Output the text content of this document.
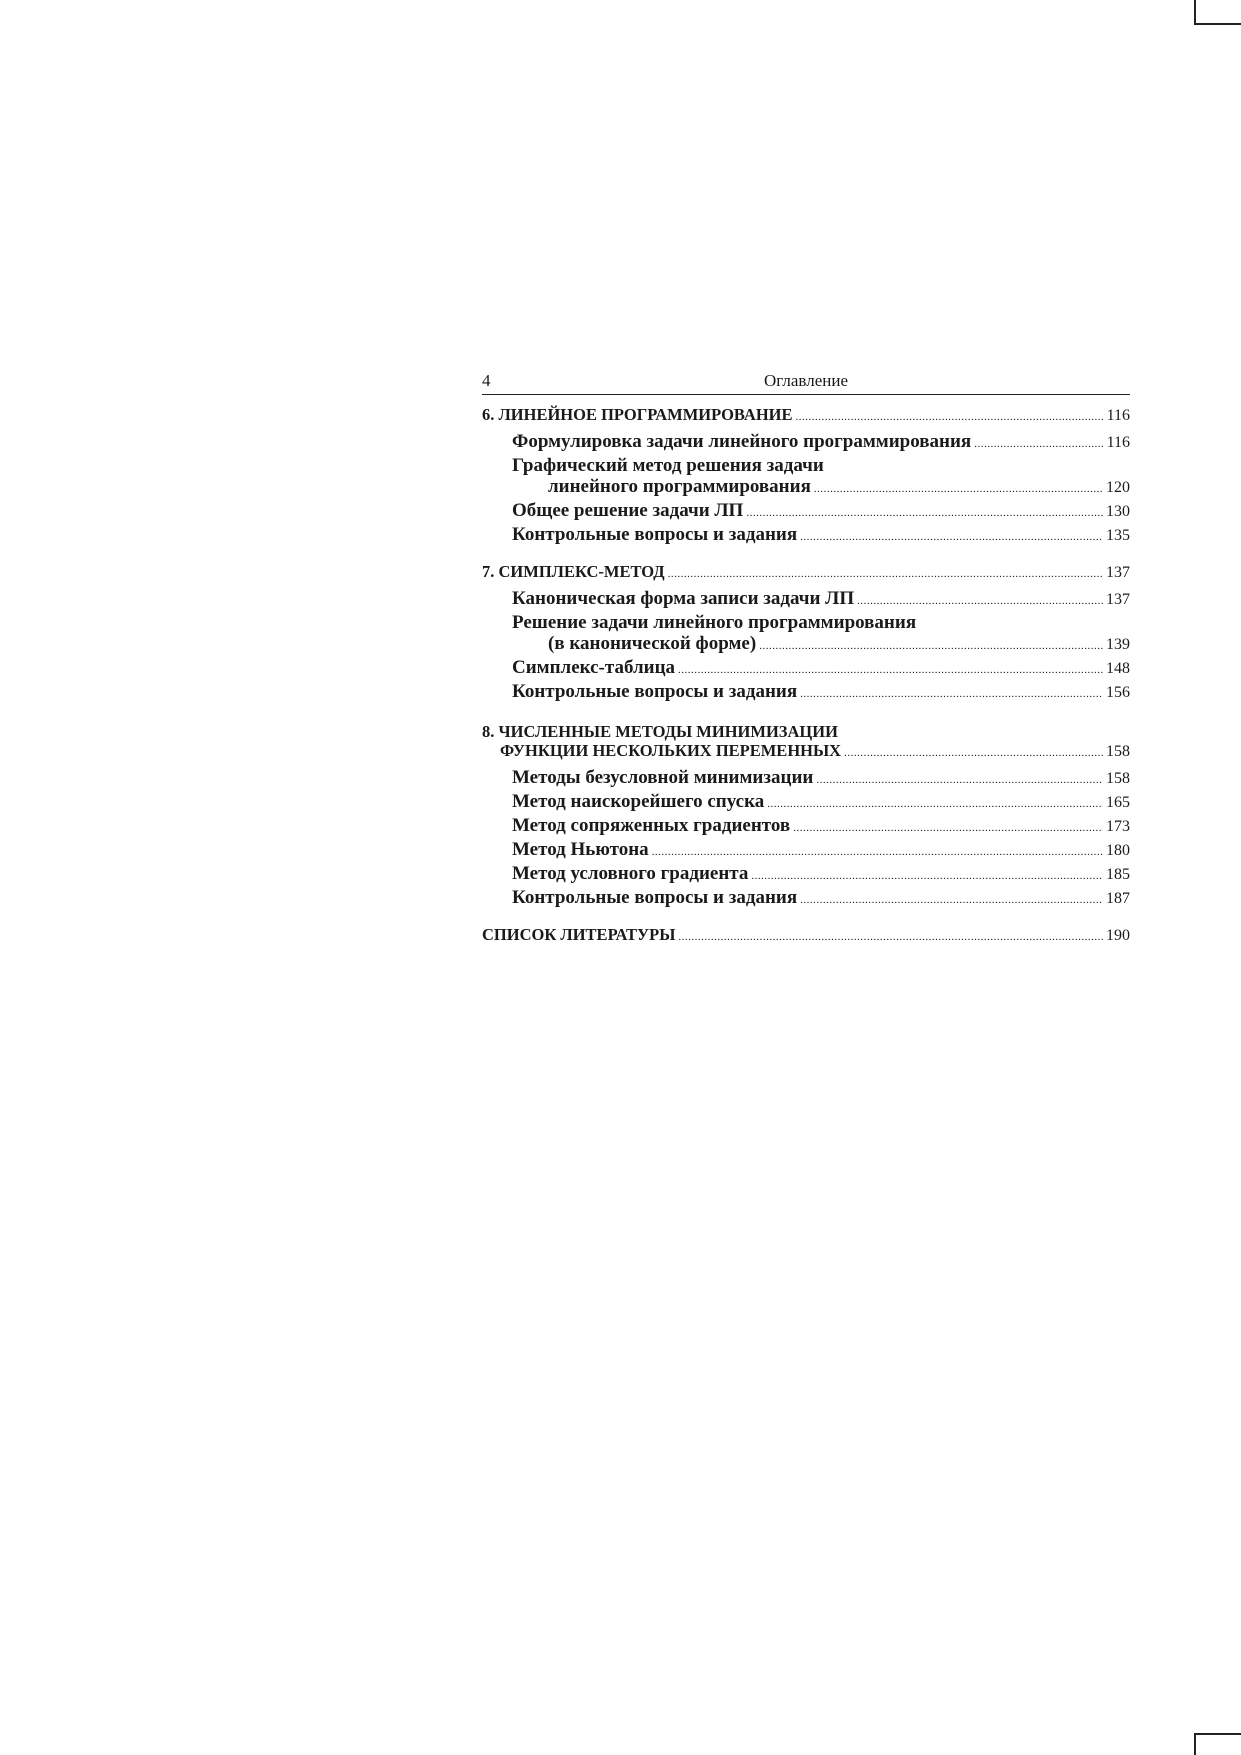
4	Оглавление
6. ЛИНЕЙНОЕ ПРОГРАММИРОВАНИЕ .....	116
Формулировка задачи линейного программирования .....	116
Графический метод решения задачи
линейного программирования .....	120
Общее решение задачи ЛП .....	130
Контрольные вопросы и задания .....	135
7. СИМПЛЕКС-МЕТОД .....	137
Каноническая форма записи задачи ЛП .....	137
Решение задачи линейного программирования
(в канонической форме) .....	139
Симплекс-таблица .....	148
Контрольные вопросы и задания .....	156
8. ЧИСЛЕННЫЕ МЕТОДЫ МИНИМИЗАЦИИ
ФУНКЦИИ НЕСКОЛЬКИХ ПЕРЕМЕННЫХ .....	158
Методы безусловной минимизации .....	158
Метод наискорейшего спуска .....	165
Метод сопряженных градиентов .....	173
Метод Ньютона .....	180
Метод условного градиента .....	185
Контрольные вопросы и задания .....	187
СПИСОК ЛИТЕРАТУРЫ .....	190
